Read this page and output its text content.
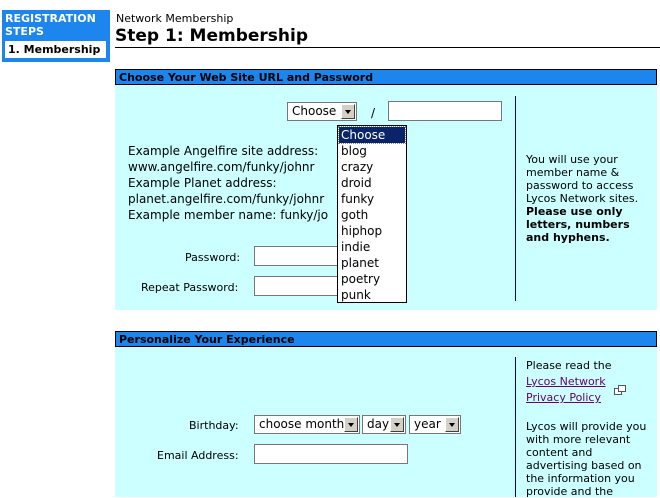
REGISTRATION
STEPS
1. Membership
Network Membership
Step 1: Membership
Choose Your Web Site URL and Password
Choose	/
Example Angelfire site address:
www.angelfire.com/funky/johnr
Example Planet address:
planet.angelfire.com/funky/johnr
Example member name: funky/jo
Password:
Repeat Password:
You will use your member name & password to access Lycos Network sites. Please use only letters, numbers and hyphens.
Personalize Your Experience
Birthday: choose month day year
Email Address:
Please read the
Lycos Network
Privacy Policy
Lycos will provide you with more relevant content and advertising based on the information you provide and the
Choose
blog
crazy
droid
funky
goth
hiphop
indie
planet
poetry
punk
